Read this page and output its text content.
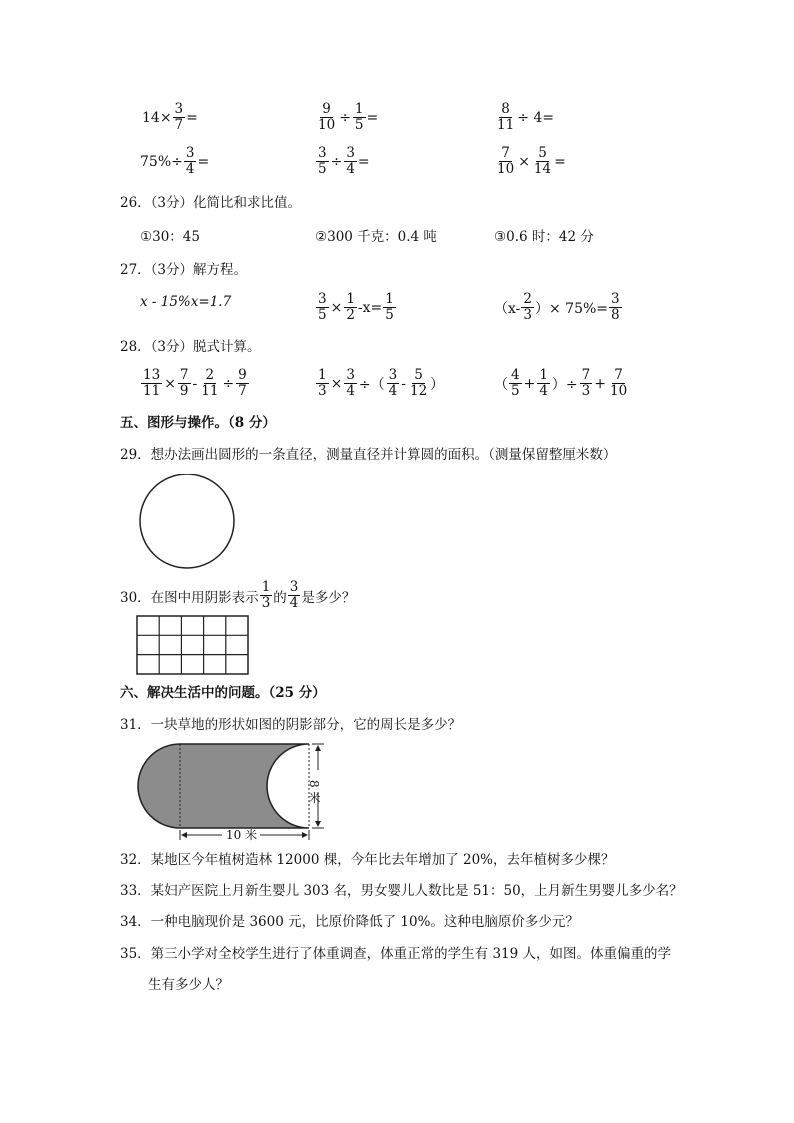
$14\times \frac{3}{7}$ =	$\frac{9}{10} \div \frac{1}{5}$ =	$\frac{8}{11} \div 4=$
$75\%\div \frac{3}{4}$ =	$\frac{3}{5} \div \frac{3}{4}$ =	$\frac{7}{10} \times \frac{5}{14}$ =
26．（3分）化简比和求比值。
①30：45	②300 千克：0.4 吨	③0.6 时：42 分
27．（3分）解方程。
x - 15%x=1.7	$\frac{3}{5} \times \frac{1}{2} -x= \frac{1}{5}$	（$x- \frac{2}{3}$ ）× $75\%= \frac{3}{8}$
28．（3分）脱式计算。
$\frac{13}{11} \times \frac{7}{9} - \frac{2}{11} \div \frac{9}{7}$	$\frac{1}{3} \times \frac{3}{4}$ ÷（ $\frac{3}{4} - \frac{5}{12}$ ）	（ $\frac{4}{5} + \frac{1}{4}$ ）÷ $\frac{7}{3} + \frac{7}{10}$
五、图形与操作。（8 分）
29．想办法画出圆形的一条直径，测量直径并计算圆的面积。（测量保留整厘米数）
30．在图中用阴影表示 $\frac{1}{3}$ 的 $\frac{3}{4}$ 是多少？
六、解决生活中的问题。（25 分）
31．一块草地的形状如图的阴影部分，它的周长是多少？
8 米
10 米
32．某地区今年植树造林 12000 棵，今年比去年增加了 20%，去年植树多少棵？
33．某妇产医院上月新生婴儿 303 名，男女婴儿人数比是 51：50，上月新生男婴儿多少名？
34．一种电脑现价是 3600 元，比原价降低了 10%。这种电脑原价多少元？
35．第三小学对全校学生进行了体重调查，体重正常的学生有 319 人，如图。体重偏重的学
生有多少人？
